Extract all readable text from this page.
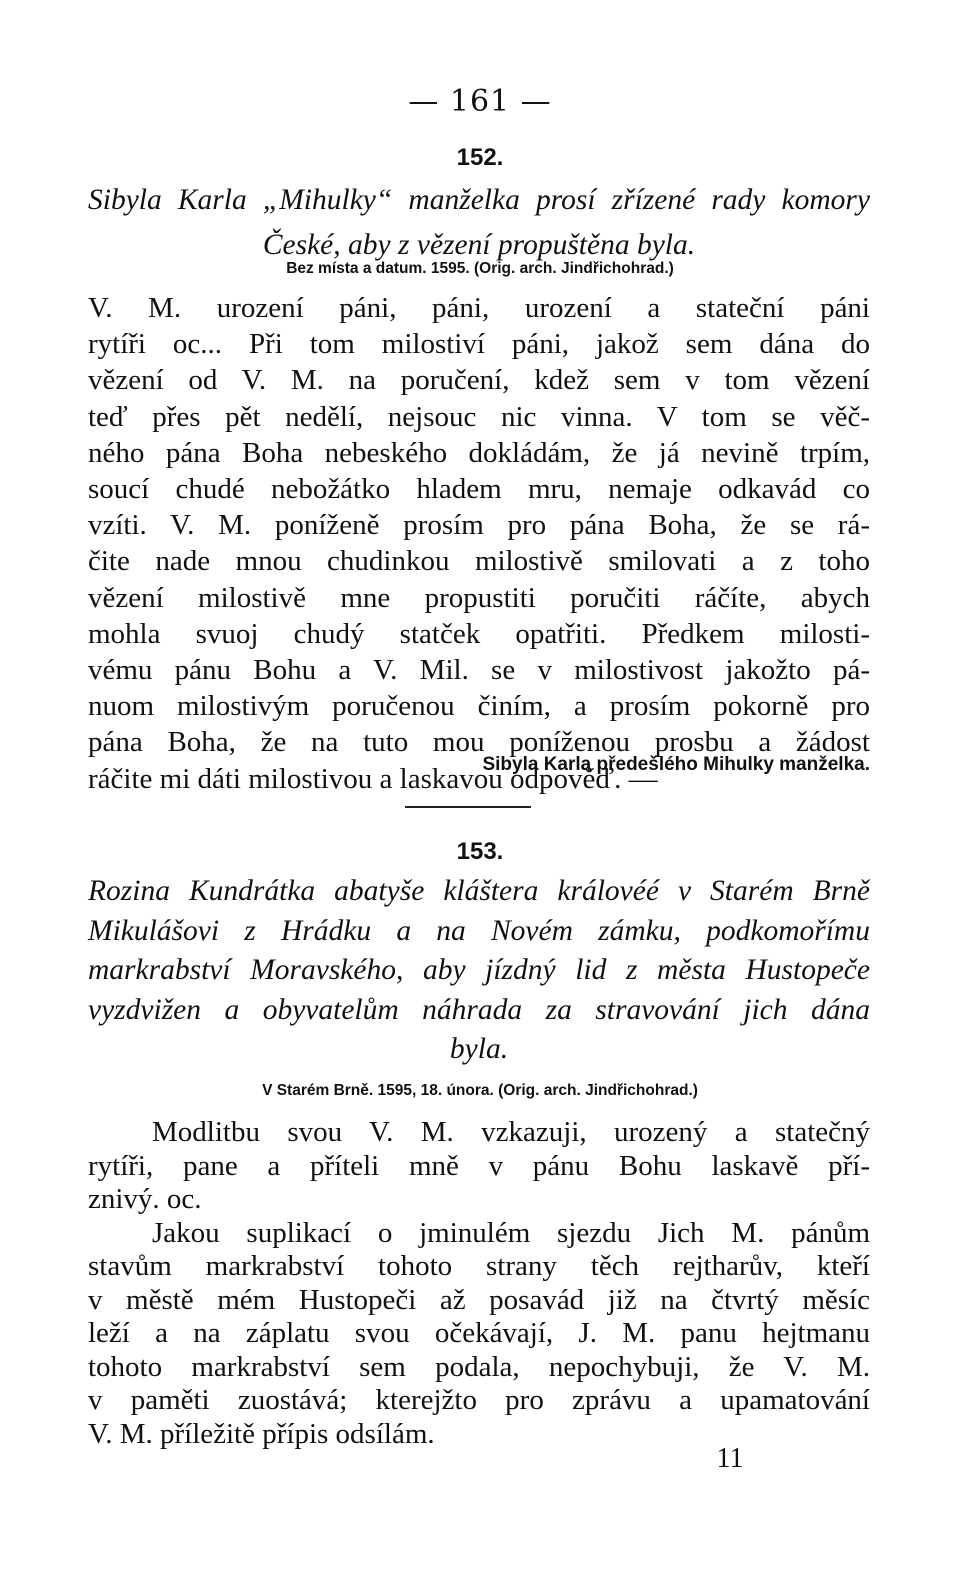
— 161 —
152.
Sibyla Karla „Mihulky“ manželka prosí zřízené rady komory
České, aby z vězení propuštěna byla.
Bez místa a datum. 1595. (Orig. arch. Jindřichohrad.)
V. M. urození páni, páni, urození a stateční páni
rytíři oc... Při tom milostiví páni, jakož sem dána do
vězení od V. M. na poručení, kdež sem v tom vězení
teď přes pět nedělí, nejsouc nic vinna. V tom se věč-
ného pána Boha nebeského dokládám, že já nevině trpím,
soucí chudé nebožátko hladem mru, nemaje odkavád co
vzíti. V. M. poníženě prosím pro pána Boha, že se rá-
čite nade mnou chudinkou milostivě smilovati a z toho
vězení milostivě mne propustiti poručiti ráčíte, abych
mohla svuoj chudý statček opatřiti. Předkem milosti-
vému pánu Bohu a V. Mil. se v milostivost jakožto pá-
nuom milostivým poručenou činím, a prosím pokorně pro
pána Boha, že na tuto mou poníženou prosbu a žádost
ráčite mi dáti milostivou a laskavou odpověď. —
Sibyla Karla předešlého Mihulky manželka.
153.
Rozina Kundrátka abatyše kláštera královéé v Starém Brně
Mikulášovi z Hrádku a na Novém zámku, podkomořímu
markrabství Moravského, aby jízdný lid z města Hustopeče
vyzdvižen a obyvatelům náhrada za stravování jich dána
byla.
V Starém Brně. 1595, 18. února. (Orig. arch. Jindřichohrad.)
Modlitbu svou V. M. vzkazuji, urozený a statečný
rytíři, pane a příteli mně v pánu Bohu laskavě pří-
znivý. oc.
Jakou suplikací o jminulém sjezdu Jich M. pánům
stavům markrabství tohoto strany těch rejtharův, kteří
v městě mém Hustopeči až posavád již na čtvrtý měsíc
leží a na záplatu svou očekávají, J. M. panu hejtmanu
tohoto markrabství sem podala, nepochybuji, že V. M.
v paměti zuostává; kterejžto pro zprávu a upamatování
V. M. příležitě přípis odsílám.
11
